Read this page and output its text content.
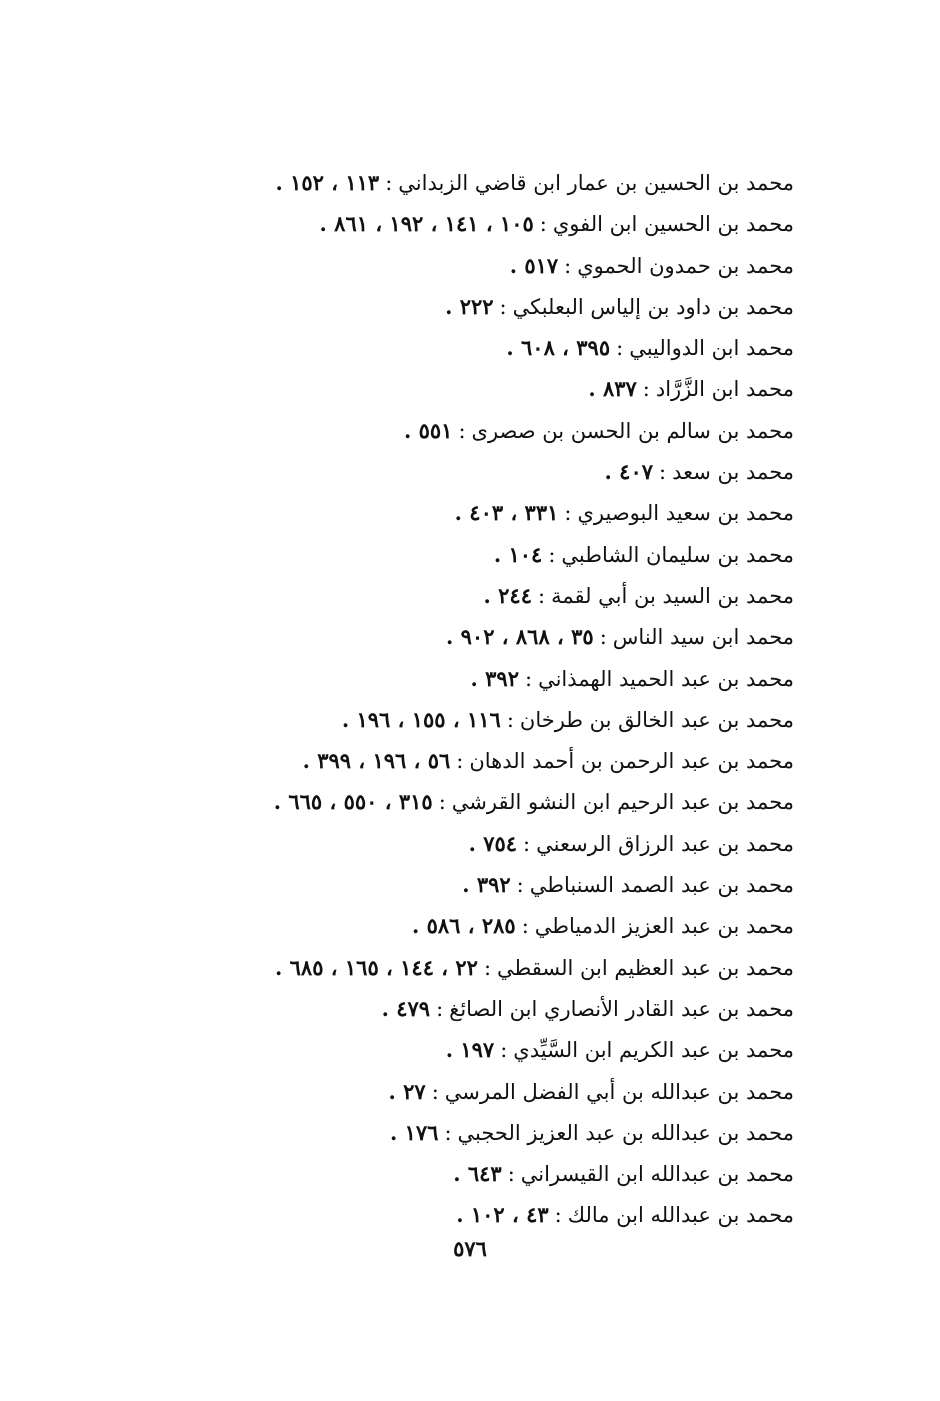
محمد بن الحسين بن عمار ابن قاضي الزبداني:١١٣ ، ١٥٢ .
محمد بن الحسين ابن الفوي:١٠٥ ، ١٤١ ، ١٩٢ ، ٨٦١ .
محمد بن حمدون الحموي:٥١٧ .
محمد بن داود بن إلياس البعلبكي:٢٢٢ .
محمد ابن الدواليبي:٣٩٥ ، ٦٠٨ .
محمد ابن الزَّرَّاد:٨٣٧ .
محمد بن سالم بن الحسن بن صصرى:٥٥١ .
محمد بن سعد:٤٠٧ .
محمد بن سعيد البوصيري:٣٣١ ، ٤٠٣ .
محمد بن سليمان الشاطبي:١٠٤ .
محمد بن السيد بن أبي لقمة:٢٤٤ .
محمد ابن سيد الناس:٣٥ ، ٨٦٨ ، ٩٠٢ .
محمد بن عبد الحميد الهمذاني:٣٩٢ .
محمد بن عبد الخالق بن طرخان:١١٦ ، ١٥٥ ، ١٩٦ .
محمد بن عبد الرحمن بن أحمد الدهان:٥٦ ، ١٩٦ ، ٣٩٩ .
محمد بن عبد الرحيم ابن النشو القرشي:٣١٥ ، ٥٥٠ ، ٦٦٥ .
محمد بن عبد الرزاق الرسعني:٧٥٤ .
محمد بن عبد الصمد السنباطي:٣٩٢ .
محمد بن عبد العزيز الدمياطي:٢٨٥ ، ٥٨٦ .
محمد بن عبد العظيم ابن السقطي:٢٢ ، ١٤٤ ، ١٦٥ ، ٦٨٥ .
محمد بن عبد القادر الأنصاري ابن الصائغ:٤٧٩ .
محمد بن عبد الكريم ابن السَّيِّدي:١٩٧ .
محمد بن عبدالله بن أبي الفضل المرسي:٢٧ .
محمد بن عبدالله بن عبد العزيز الحجبي:١٧٦ .
محمد بن عبدالله ابن القيسراني:٦٤٣ .
محمد بن عبدالله ابن مالك:٤٣ ، ١٠٢ .
٥٧٦
